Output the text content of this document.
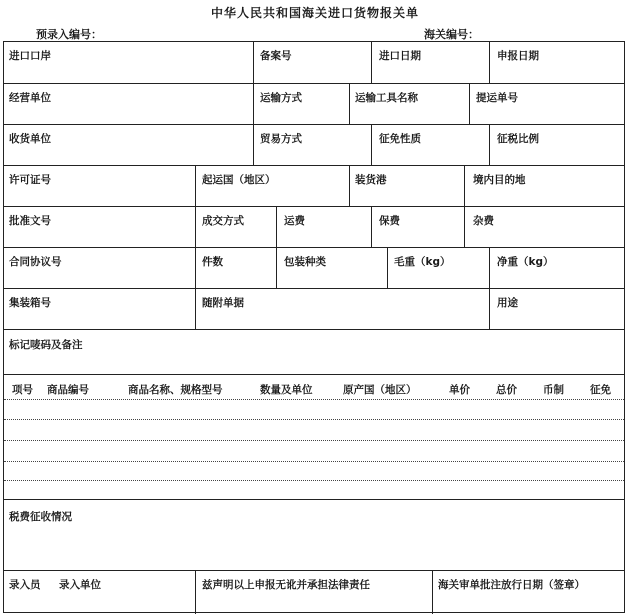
中华人民共和国海关进口货物报关单
预录入编号：	海关编号：
进口口岸	备案号	进口日期	申报日期
经营单位	运输方式	运输工具名称	提运单号
收货单位	贸易方式	征免性质	征税比例
许可证号	起运国（地区）	装货港	境内目的地
批准文号	成交方式	运费	保费	杂费
合同协议号	件数	包装种类	毛重（kg）	净重（kg）
集装箱号	随附单据	用途
标记唛码及备注
项号 商品编号	商品名称、规格型号	数量及单位	原产国（地区）	单价 总价 币制 征免
税费征收情况
录入员 录入单位	兹声明以上申报无讹并承担法律责任	海关审单批注放行日期（签章）
